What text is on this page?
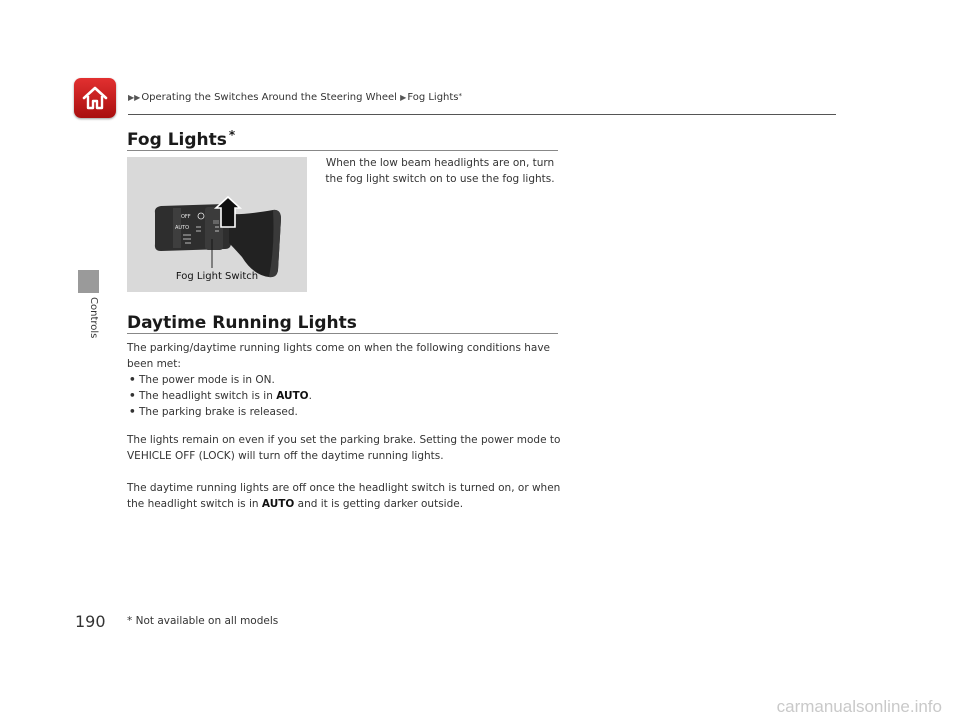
▶▶Operating the Switches Around the Steering Wheel ▶Fog Lights*
Controls
Fog Lights *
When the low beam headlights are on, turn the fog light switch on to use the fog lights.
OFF
AUTO
Fog Light Switch
Daytime Running Lights
The parking/daytime running lights come on when the following conditions have been met:
• The power mode is in ON.
• The headlight switch is in AUTO.
• The parking brake is released.
The lights remain on even if you set the parking brake. Setting the power mode to VEHICLE OFF (LOCK) will turn off the daytime running lights.
The daytime running lights are off once the headlight switch is turned on, or when the headlight switch is in AUTO and it is getting darker outside.
190 * Not available on all models
carmanualsonline.info
